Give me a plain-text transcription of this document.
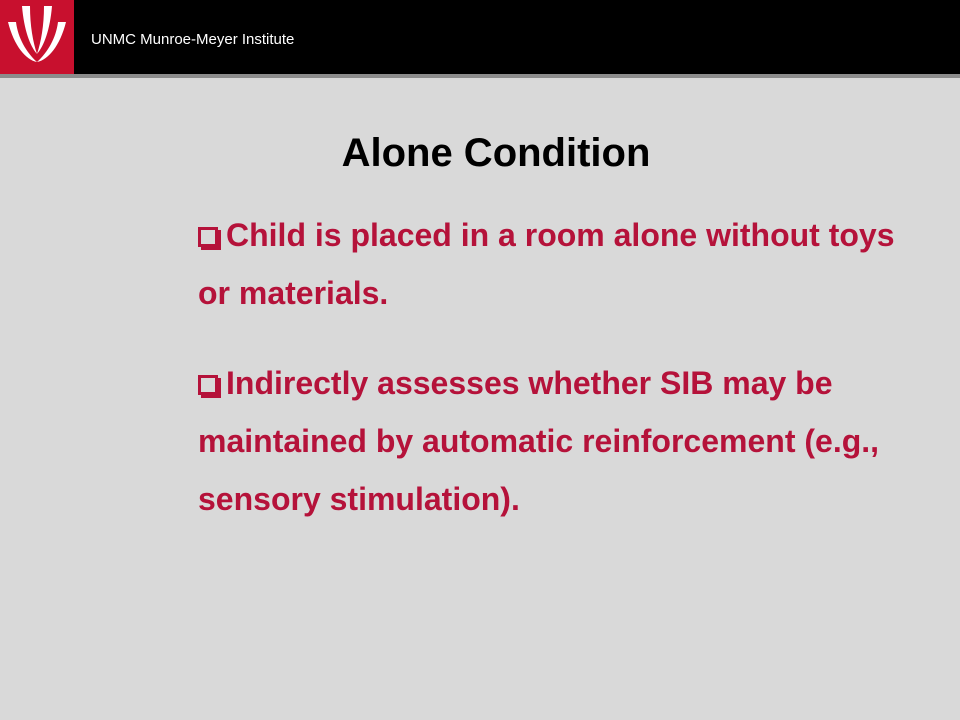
UNMC Munroe-Meyer Institute
Alone Condition

Child is placed in a room alone without toys or materials.

Indirectly assesses whether SIB may be maintained by automatic reinforcement (e.g., sensory stimulation).
